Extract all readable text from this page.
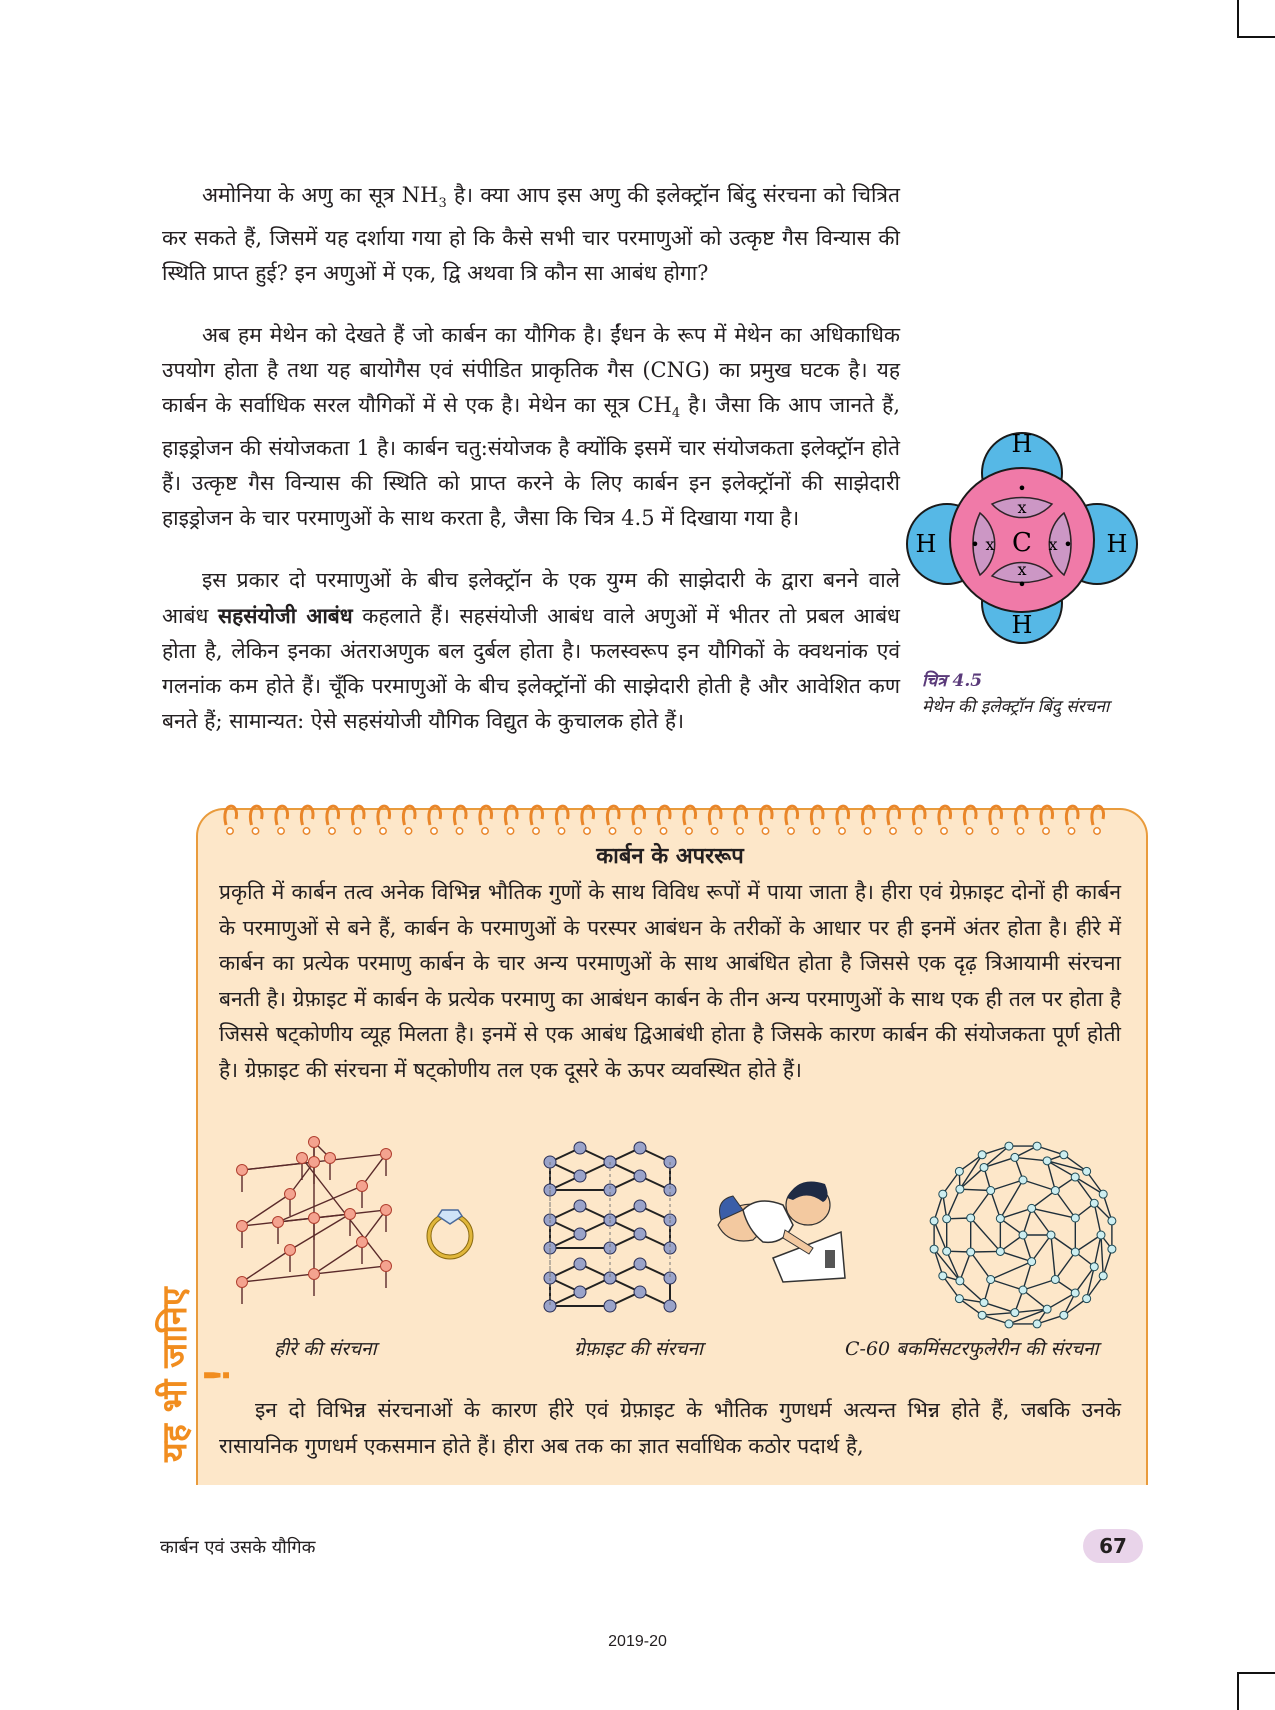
अमोनिया के अणु का सूत्र $NH_3$ है। क्या आप इस अणु की इलेक्ट्रॉन बिंदु संरचना को चित्रित कर सकते हैं, जिसमें यह दर्शाया गया हो कि कैसे सभी चार परमाणुओं को उत्कृष्ट गैस विन्यास की स्थिति प्राप्त हुई? इन अणुओं में एक, द्वि अथवा त्रि कौन सा आबंध होगा?

अब हम मेथेन को देखते हैं जो कार्बन का यौगिक है। ईंधन के रूप में मेथेन का अधिकाधिक उपयोग होता है तथा यह बायोगैस एवं संपीडित प्राकृतिक गैस (CNG) का प्रमुख घटक है। यह कार्बन के सर्वाधिक सरल यौगिकों में से एक है। मेथेन का सूत्र $CH_4$ है। जैसा कि आप जानते हैं, हाइड्रोजन की संयोजकता 1 है। कार्बन चतु:संयोजक है क्योंकि इसमें चार संयोजकता इलेक्ट्रॉन होते हैं। उत्कृष्ट गैस विन्यास की स्थिति को प्राप्त करने के लिए कार्बन इन इलेक्ट्रॉनों की साझेदारी हाइड्रोजन के चार परमाणुओं के साथ करता है, जैसा कि चित्र 4.5 में दिखाया गया है।

इस प्रकार दो परमाणुओं के बीच इलेक्ट्रॉन के एक युग्म की साझेदारी के द्वारा बनने वाले आबंध सहसंयोजी आबंध कहलाते हैं। सहसंयोजी आबंध वाले अणुओं में भीतर तो प्रबल आबंध होता है, लेकिन इनका अंतराअणुक बल दुर्बल होता है। फलस्वरूप इन यौगिकों के क्वथनांक एवं गलनांक कम होते हैं। चूँकि परमाणुओं के बीच इलेक्ट्रॉनों की साझेदारी होती है और आवेशित कण बनते हैं; सामान्यत: ऐसे सहसंयोजी यौगिक विद्युत के कुचालक होते हैं।

H
H
H	H
C
•
x
x
•
• x	x •
चित्र 4.5
मेथेन की इलेक्ट्रॉन बिंदु संरचना
यह भी जानिए !
कार्बन के अपररूप

प्रकृति में कार्बन तत्व अनेक विभिन्न भौतिक गुणों के साथ विविध रूपों में पाया जाता है। हीरा एवं ग्रेफ़ाइट दोनों ही कार्बन के परमाणुओं से बने हैं, कार्बन के परमाणुओं के परस्पर आबंधन के तरीकों के आधार पर ही इनमें अंतर होता है। हीरे में कार्बन का प्रत्येक परमाणु कार्बन के चार अन्य परमाणुओं के साथ आबंधित होता है जिससे एक दृढ़ त्रिआयामी संरचना बनती है। ग्रेफ़ाइट में कार्बन के प्रत्येक परमाणु का आबंधन कार्बन के तीन अन्य परमाणुओं के साथ एक ही तल पर होता है जिससे षट्कोणीय व्यूह मिलता है। इनमें से एक आबंध द्विआबंधी होता है जिसके कारण कार्बन की संयोजकता पूर्ण होती है। ग्रेफ़ाइट की संरचना में षट्कोणीय तल एक दूसरे के ऊपर व्यवस्थित होते हैं।

हीरे की संरचना	ग्रेफ़ाइट की संरचना	C-60 बकमिंसटरफुलेरीन की संरचना

इन दो विभिन्न संरचनाओं के कारण हीरे एवं ग्रेफ़ाइट के भौतिक गुणधर्म अत्यन्त भिन्न होते हैं, जबकि उनके रासायनिक गुणधर्म एकसमान होते हैं। हीरा अब तक का ज्ञात सर्वाधिक कठोर पदार्थ है,

कार्बन एवं उसके यौगिक	67
2019-20
